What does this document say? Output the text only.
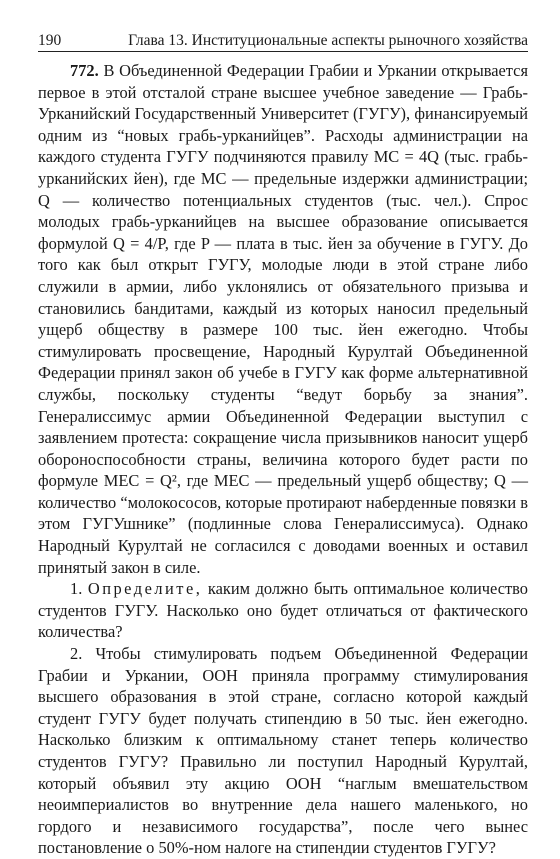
190	Глава 13. Институциональные аспекты рыночного хозяйства

772. В Объединенной Федерации Грабии и Уркании открывается первое в этой отсталой стране высшее учебное заведение — Грабь-Урканийский Государственный Университет (ГУГУ), финансируемый одним из “новых грабь-урканийцев”. Расходы администрации на каждого студента ГУГУ подчиняются правилу MC = 4Q (тыс. грабь-урканийских йен), где MC — предельные издержки администрации; Q — количество потенциальных студентов (тыс. чел.). Спрос молодых грабь-урканийцев на высшее образование описывается формулой Q = 4/P, где P — плата в тыс. йен за обучение в ГУГУ. До того как был открыт ГУГУ, молодые люди в этой стране либо служили в армии, либо уклонялись от обязательного призыва и становились бандитами, каждый из которых наносил предельный ущерб обществу в размере 100 тыс. йен ежегодно. Чтобы стимулировать просвещение, Народный Курултай Объединенной Федерации принял закон об учебе в ГУГУ как форме альтернативной службы, поскольку студенты “ведут борьбу за знания”. Генералиссимус армии Объединенной Федерации выступил с заявлением протеста: сокращение числа призывников наносит ущерб обороноспособности страны, величина которого будет расти по формуле MEC = Q², где MEC — предельный ущерб обществу; Q — количество “молокососов, которые протирают наберденные повязки в этом ГУГУшнике” (подлинные слова Генералиссимуса). Однако Народный Курултай не согласился с доводами военных и оставил принятый закон в силе.

1. Определите, каким должно быть оптимальное количество студентов ГУГУ. Насколько оно будет отличаться от фактического количества?

2. Чтобы стимулировать подъем Объединенной Федерации Грабии и Уркании, ООН приняла программу стимулирования высшего образования в этой стране, согласно которой каждый студент ГУГУ будет получать стипендию в 50 тыс. йен ежегодно. Насколько близким к оптимальному станет теперь количество студентов ГУГУ? Правильно ли поступил Народный Курултай, который объявил эту акцию ООН “наглым вмешательством неоимпериалистов во внутренние дела нашего маленького, но гордого и независимого государства”, после чего вынес постановление о 50%-ном налоге на стипендии студентов ГУГУ?
